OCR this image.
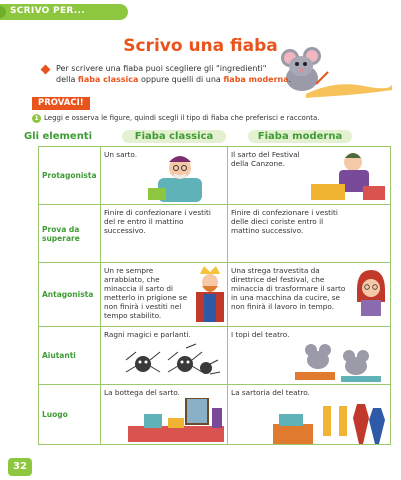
SCRIVO PER...
Scrivo una fiaba
Per scrivere una fiaba puoi scegliere gli "ingredienti"
della fiaba classica oppure quelli di una fiaba moderna.
PROVACI!
1 Leggi e osserva le figure, quindi scegli il tipo di fiaba che preferisci e racconta.
Gli elementi	Fiaba classica	Fiaba moderna
Protagonista	Un sarto.	Il sarto del Festival della Canzone.

Prova da superare	Finire di confezionare i vestiti del re entro il mattino successivo.	Finire di confezionare i vestiti delle dieci coriste entro il mattino successivo.

Antagonista	Un re sempre arrabbiato, che minaccia il sarto di metterlo in prigione se non finirà i vestiti nel tempo stabilito.	Una strega travestita da direttrice del festival, che minaccia di trasformare il sarto in una macchina da cucire, se non finirà il lavoro in tempo.

Aiutanti	Ragni magici e parlanti.	I topi del teatro.

Luogo	La bottega del sarto.	La sartoria del teatro.
32
